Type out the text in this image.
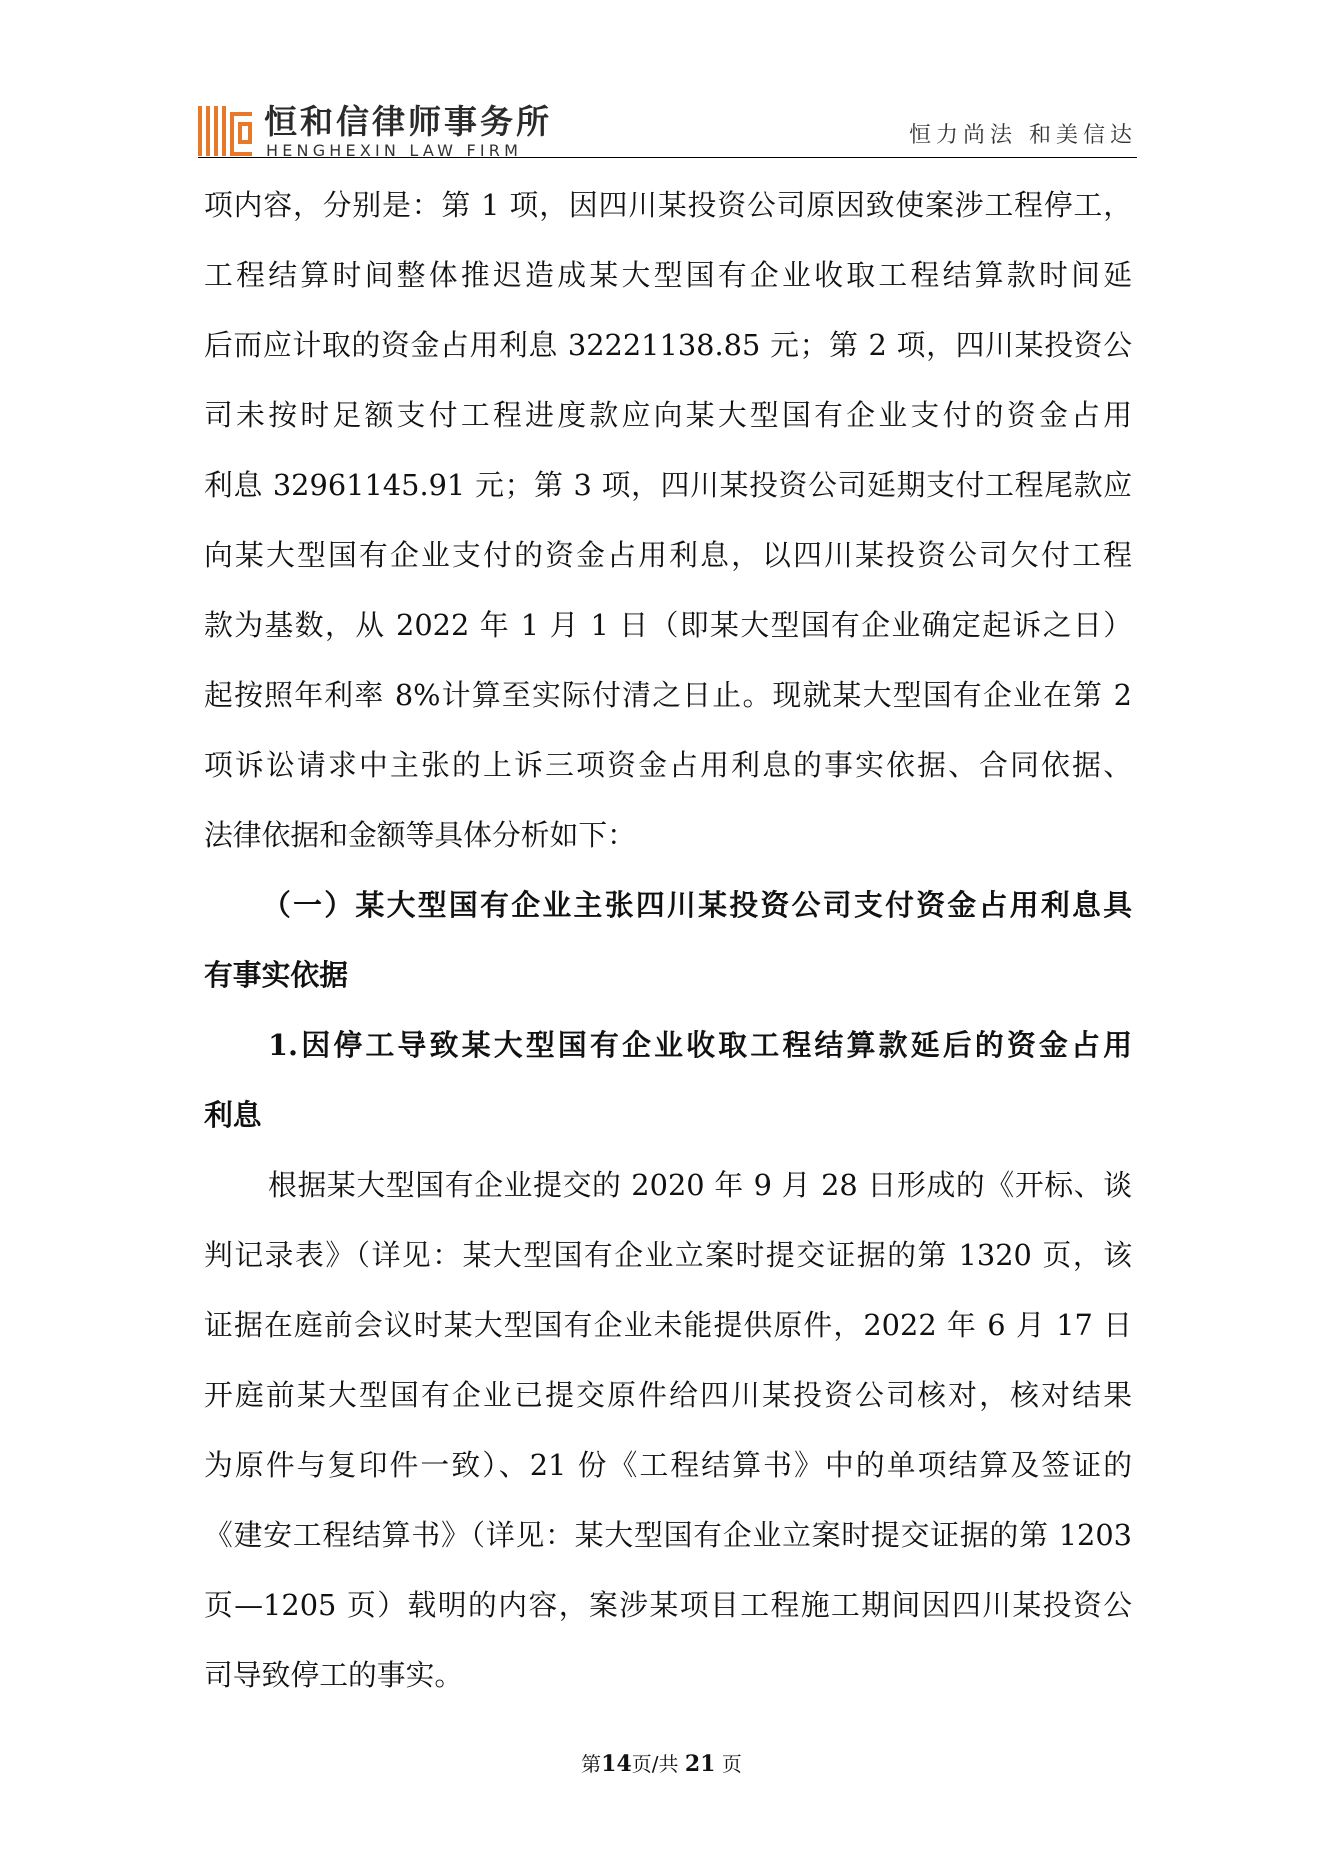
恒和信律师事务所
HENGHEXIN LAW FIRM
恒力尚法 和美信达
项内容，分别是：第 1 项，因四川某投资公司原因致使案涉工程停工，
工程结算时间整体推迟造成某大型国有企业收取工程结算款时间延
后而应计取的资金占用利息 32221138.85 元；第 2 项，四川某投资公
司未按时足额支付工程进度款应向某大型国有企业支付的资金占用
利息 32961145.91 元；第 3 项，四川某投资公司延期支付工程尾款应
向某大型国有企业支付的资金占用利息，以四川某投资公司欠付工程
款为基数，从 2022 年 1 月 1 日（即某大型国有企业确定起诉之日）
起按照年利率 8%计算至实际付清之日止。现就某大型国有企业在第 2
项诉讼请求中主张的上诉三项资金占用利息的事实依据、合同依据、
法律依据和金额等具体分析如下：
（一）某大型国有企业主张四川某投资公司支付资金占用利息具
有事实依据
1.因停工导致某大型国有企业收取工程结算款延后的资金占用
利息
根据某大型国有企业提交的 2020 年 9 月 28 日形成的《开标、谈
判记录表》（详见：某大型国有企业立案时提交证据的第 1320 页，该
证据在庭前会议时某大型国有企业未能提供原件，2022 年 6 月 17 日
开庭前某大型国有企业已提交原件给四川某投资公司核对，核对结果
为原件与复印件一致）、21 份《工程结算书》中的单项结算及签证的
《建安工程结算书》（详见：某大型国有企业立案时提交证据的第 1203
页—1205 页）载明的内容，案涉某项目工程施工期间因四川某投资公
司导致停工的事实。
第14页/共 21 页
